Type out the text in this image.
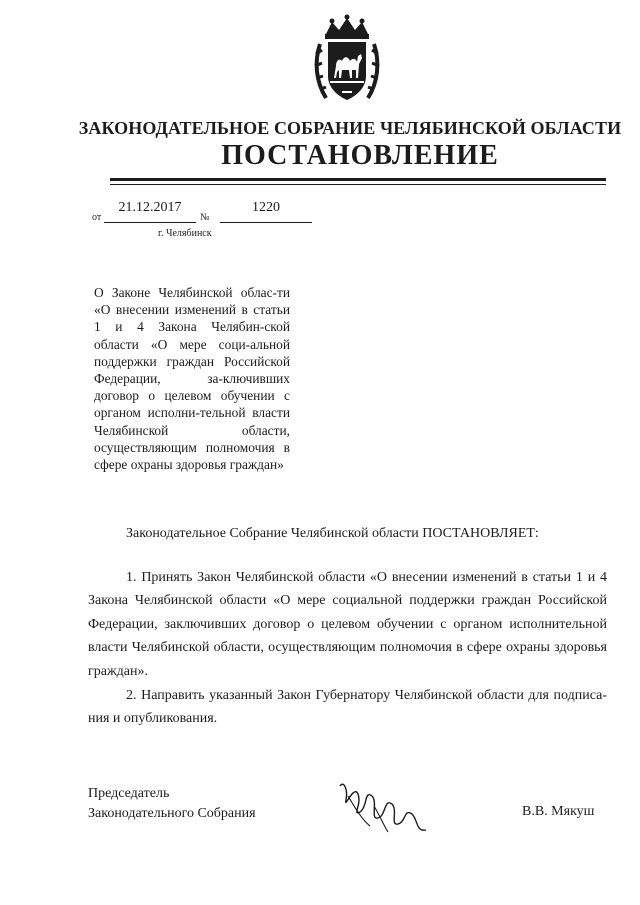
ЗАКОНОДАТЕЛЬНОЕ СОБРАНИЕ ЧЕЛЯБИНСКОЙ ОБЛАСТИ
ПОСТАНОВЛЕНИЕ
от
21.12.2017
№
1220
г. Челябинск
О Законе Челябинской облас-ти «О внесении изменений в статьи 1 и 4 Закона Челябин-ской области «О мере соци-альной поддержки граждан Российской Федерации, за-ключивших договор о целевом обучении с органом исполни-тельной власти Челябинской области, осуществляющим полномочия в сфере охраны здоровья граждан»
Законодательное Собрание Челябинской области ПОСТАНОВЛЯЕТ:

1. Принять Закон Челябинской области «О внесении изменений в статьи 1 и 4 Закона Челябинской области «О мере социальной поддержки граждан Российской Федерации, заключивших договор о целевом обучении с органом исполнительной власти Челябинской области, осуществляющим полномочия в сфере охраны здоровья граждан».

2. Направить указанный Закон Губернатору Челябинской области для подписа-ния и опубликования.

Председатель
Законодательного Собрания	В.В. Мякуш
